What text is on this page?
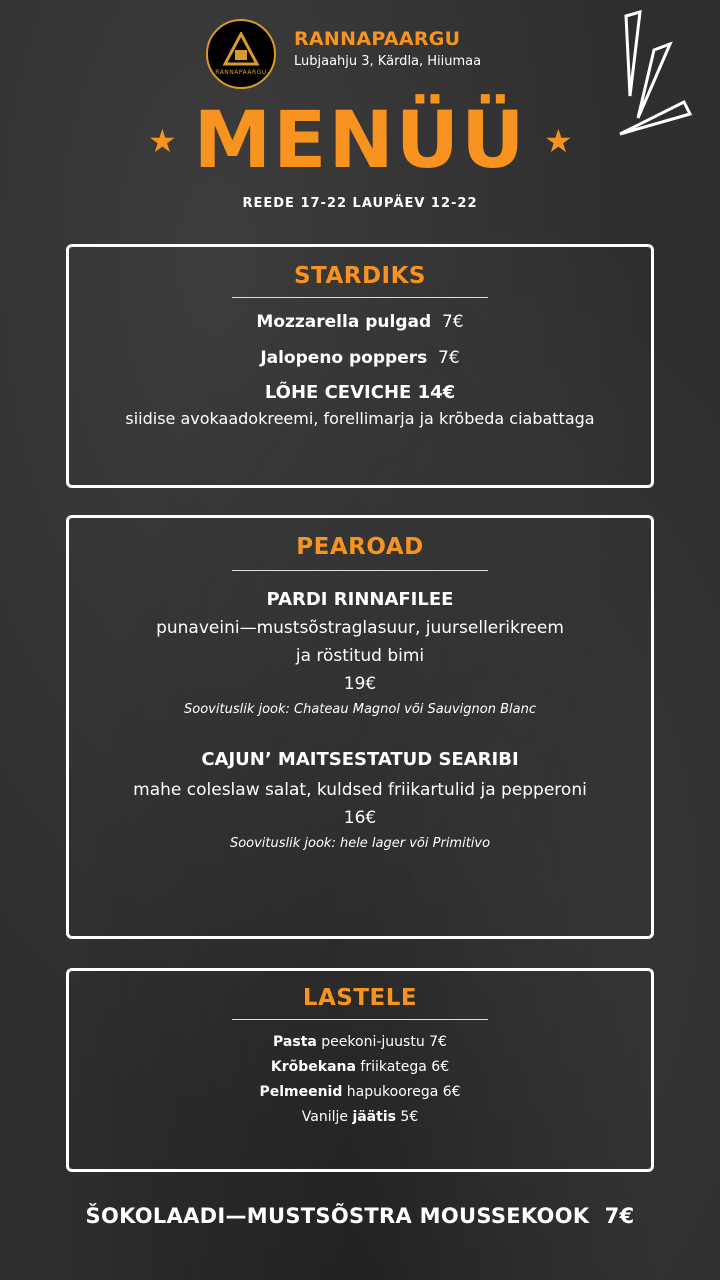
RANNAPAARGU
RANNAPAARGU
Lubjaahju 3, Kärdla, Hiiumaa
★ MENÜÜ ★
REEDE 17-22 LAUPÄEV 12-22
STARDIKS
Mozzarella pulgad 7€
Jalopeno poppers 7€
LÕHE CEVICHE 14€
siidise avokaadokreemi, forellimarja ja krõbeda ciabattaga
PEAROAD
PARDI RINNAFILEE
punaveini—mustsõstraglasuur, juursellerikreem
ja röstitud bimi
19€
Soovituslik jook: Chateau Magnol või Sauvignon Blanc
CAJUN’ MAITSESTATUD SEARIBI
mahe coleslaw salat, kuldsed friikartulid ja pepperoni
16€
Soovituslik jook: hele lager või Primitivo
LASTELE
Pasta peekoni-juustu 7€
Krõbekana friikatega 6€
Pelmeenid hapukoorega 6€
Vanilje jäätis 5€
ŠOKOLAADI—MUSTSÕSTRA MOUSSEKOOK  7€
